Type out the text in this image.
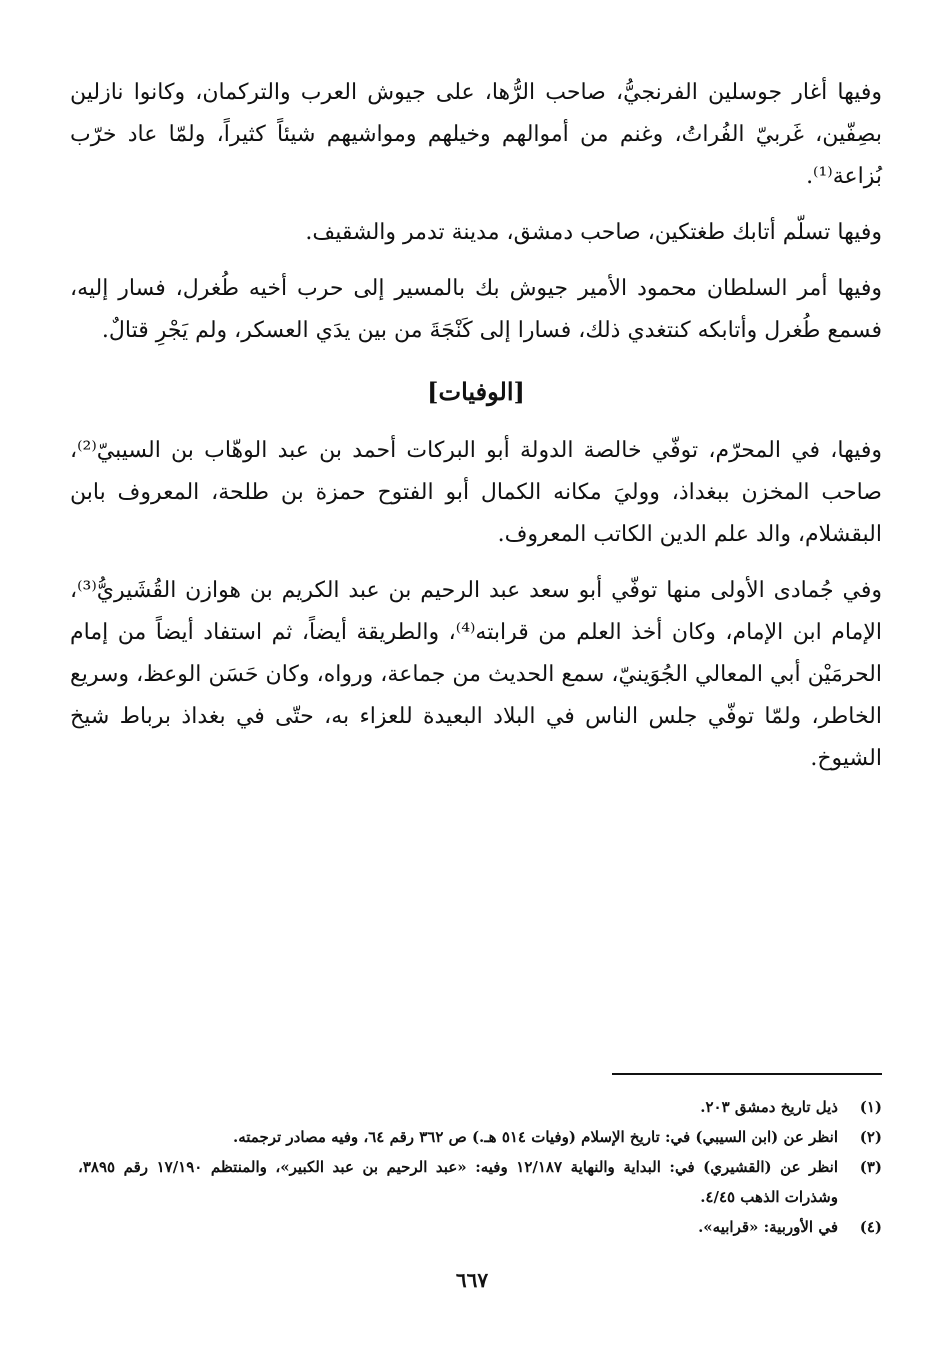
وفيها أغار جوسلين الفرنجيُّ، صاحب الرُّها، على جيوش العرب والتركمان، وكانوا نازلين بصِفّين، غَربيّ الفُراتُ، وغنم من أموالهم وخيلهم ومواشيهم شيئاً كثيراً، ولمّا عاد خرّب بُزاعة⁽¹⁾.

وفيها تسلّم أتابك طغتكين، صاحب دمشق، مدينة تدمر والشقيف.

وفيها أمر السلطان محمود الأمير جيوش بك بالمسير إلى حرب أخيه طُغرل، فسار إليه، فسمع طُغرل وأتابكه كنتغدي ذلك، فسارا إلى كَنْجَةَ من بين يدَي العسكر، ولم يَجْرِ قتالٌ.

[الوفيات]

وفيها، في المحرّم، توفّي خالصة الدولة أبو البركات أحمد بن عبد الوهّاب بن السيبيّ⁽²⁾، صاحب المخزن ببغداذ، ووليَ مكانه الكمال أبو الفتوح حمزة بن طلحة، المعروف بابن البقشلام، والد علم الدين الكاتب المعروف.

وفي جُمادى الأولى منها توفّي أبو سعد عبد الرحيم بن عبد الكريم بن هوازن القُشَيريُّ⁽³⁾، الإمام ابن الإمام، وكان أخذ العلم من قرابته⁽⁴⁾، والطريقة أيضاً، ثم استفاد أيضاً من إمام الحرمَيْن أبي المعالي الجُوَينيّ، سمع الحديث من جماعة، ورواه، وكان حَسَن الوعظ، وسريع الخاطر، ولمّا توفّي جلس الناس في البلاد البعيدة للعزاء به، حتّى في بغداذ برباط شيخ الشيوخ.

(١)
ذيل تاريخ دمشق ٢٠٣.
(٢)
انظر عن (ابن السيبي) في: تاريخ الإسلام (وفيات ٥١٤ هـ.) ص ٣٦٢ رقم ٦٤، وفيه مصادر ترجمته.
(٣)
انظر عن (القشيري) في: البداية والنهاية ١٢/١٨٧ وفيه: «عبد الرحيم بن عبد الكبير»، والمنتظم ١٧/١٩٠ رقم ٣٨٩٥، وشذرات الذهب ٤/٤٥.
(٤)
في الأوربية: «قرابيه».
٦٦٧
